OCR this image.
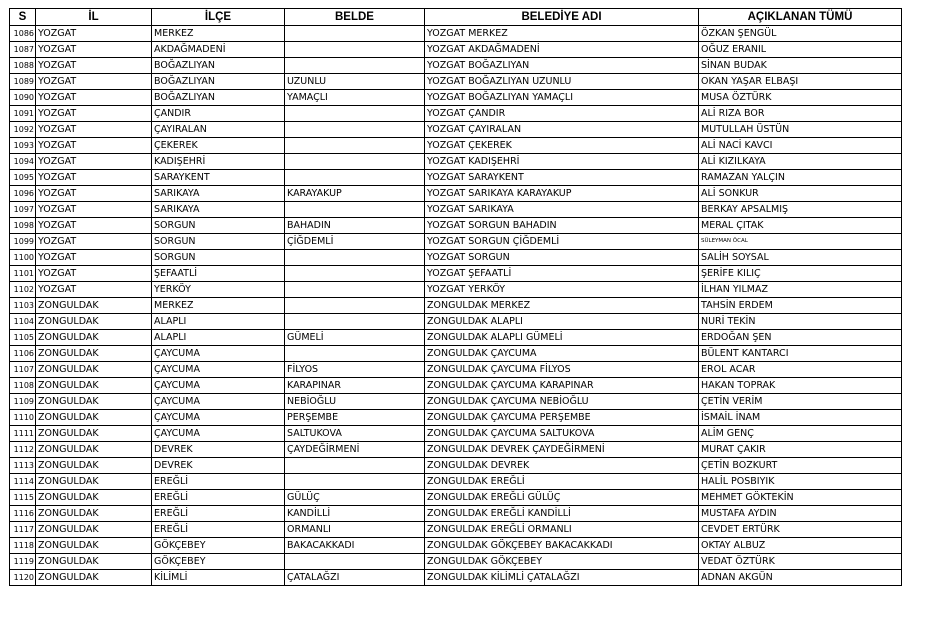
S	İL	İLÇE	BELDE	BELEDİYE ADI	AÇIKLANAN TÜMÜ
1086	YOZGAT	MERKEZ		YOZGAT MERKEZ	ÖZKAN ŞENGÜL
1087	YOZGAT	AKDAĞMADENİ		YOZGAT AKDAĞMADENİ	OĞUZ ERANIL
1088	YOZGAT	BOĞAZLIYAN		YOZGAT BOĞAZLIYAN	SİNAN BUDAK
1089	YOZGAT	BOĞAZLIYAN	UZUNLU	YOZGAT BOĞAZLIYAN UZUNLU	OKAN YAŞAR ELBAŞI
1090	YOZGAT	BOĞAZLIYAN	YAMAÇLI	YOZGAT BOĞAZLIYAN YAMAÇLI	MUSA ÖZTÜRK
1091	YOZGAT	ÇANDIR		YOZGAT ÇANDIR	ALİ RIZA BOR
1092	YOZGAT	ÇAYIRALAN		YOZGAT ÇAYIRALAN	MUTULLAH ÜSTÜN
1093	YOZGAT	ÇEKEREK		YOZGAT ÇEKEREK	ALİ NACİ KAVCI
1094	YOZGAT	KADIŞEHRİ		YOZGAT KADIŞEHRİ	ALİ KIZILKAYA
1095	YOZGAT	SARAYKENT		YOZGAT SARAYKENT	RAMAZAN YALÇIN
1096	YOZGAT	SARIKAYA	KARAYAKUP	YOZGAT SARIKAYA KARAYAKUP	ALİ SONKUR
1097	YOZGAT	SARIKAYA		YOZGAT SARIKAYA	BERKAY APSALMIŞ
1098	YOZGAT	SORGUN	BAHADIN	YOZGAT SORGUN BAHADIN	MERAL ÇITAK
1099	YOZGAT	SORGUN	ÇİĞDEMLİ	YOZGAT SORGUN ÇİĞDEMLİ	SÜLEYMAN ÖCAL
1100	YOZGAT	SORGUN		YOZGAT SORGUN	SALİH SOYSAL
1101	YOZGAT	ŞEFAATLİ		YOZGAT ŞEFAATLİ	ŞERİFE KILIÇ
1102	YOZGAT	YERKÖY		YOZGAT YERKÖY	İLHAN YILMAZ
1103	ZONGULDAK	MERKEZ		ZONGULDAK MERKEZ	TAHSİN ERDEM
1104	ZONGULDAK	ALAPLI		ZONGULDAK ALAPLI	NURİ TEKİN
1105	ZONGULDAK	ALAPLI	GÜMELİ	ZONGULDAK ALAPLI GÜMELİ	ERDOĞAN ŞEN
1106	ZONGULDAK	ÇAYCUMA		ZONGULDAK ÇAYCUMA	BÜLENT KANTARCI
1107	ZONGULDAK	ÇAYCUMA	FİLYOS	ZONGULDAK ÇAYCUMA FİLYOS	EROL ACAR
1108	ZONGULDAK	ÇAYCUMA	KARAPINAR	ZONGULDAK ÇAYCUMA KARAPINAR	HAKAN TOPRAK
1109	ZONGULDAK	ÇAYCUMA	NEBİOĞLU	ZONGULDAK ÇAYCUMA NEBİOĞLU	ÇETİN VERİM
1110	ZONGULDAK	ÇAYCUMA	PERŞEMBE	ZONGULDAK ÇAYCUMA PERŞEMBE	İSMAİL İNAM
1111	ZONGULDAK	ÇAYCUMA	SALTUKOVA	ZONGULDAK ÇAYCUMA SALTUKOVA	ALİM GENÇ
1112	ZONGULDAK	DEVREK	ÇAYDEĞİRMENİ	ZONGULDAK DEVREK ÇAYDEĞİRMENİ	MURAT ÇAKIR
1113	ZONGULDAK	DEVREK		ZONGULDAK DEVREK	ÇETİN BOZKURT
1114	ZONGULDAK	EREĞLİ		ZONGULDAK EREĞLİ	HALİL POSBIYIK
1115	ZONGULDAK	EREĞLİ	GÜLÜÇ	ZONGULDAK EREĞLİ GÜLÜÇ	MEHMET GÖKTEKİN
1116	ZONGULDAK	EREĞLİ	KANDİLLİ	ZONGULDAK EREĞLİ KANDİLLİ	MUSTAFA AYDIN
1117	ZONGULDAK	EREĞLİ	ORMANLI	ZONGULDAK EREĞLİ ORMANLI	CEVDET ERTÜRK
1118	ZONGULDAK	GÖKÇEBEY	BAKACAKKADI	ZONGULDAK GÖKÇEBEY BAKACAKKADI	OKTAY ALBUZ
1119	ZONGULDAK	GÖKÇEBEY		ZONGULDAK GÖKÇEBEY	VEDAT ÖZTÜRK
1120	ZONGULDAK	KİLİMLİ	ÇATALAĞZI	ZONGULDAK KİLİMLİ ÇATALAĞZI	ADNAN AKGÜN
